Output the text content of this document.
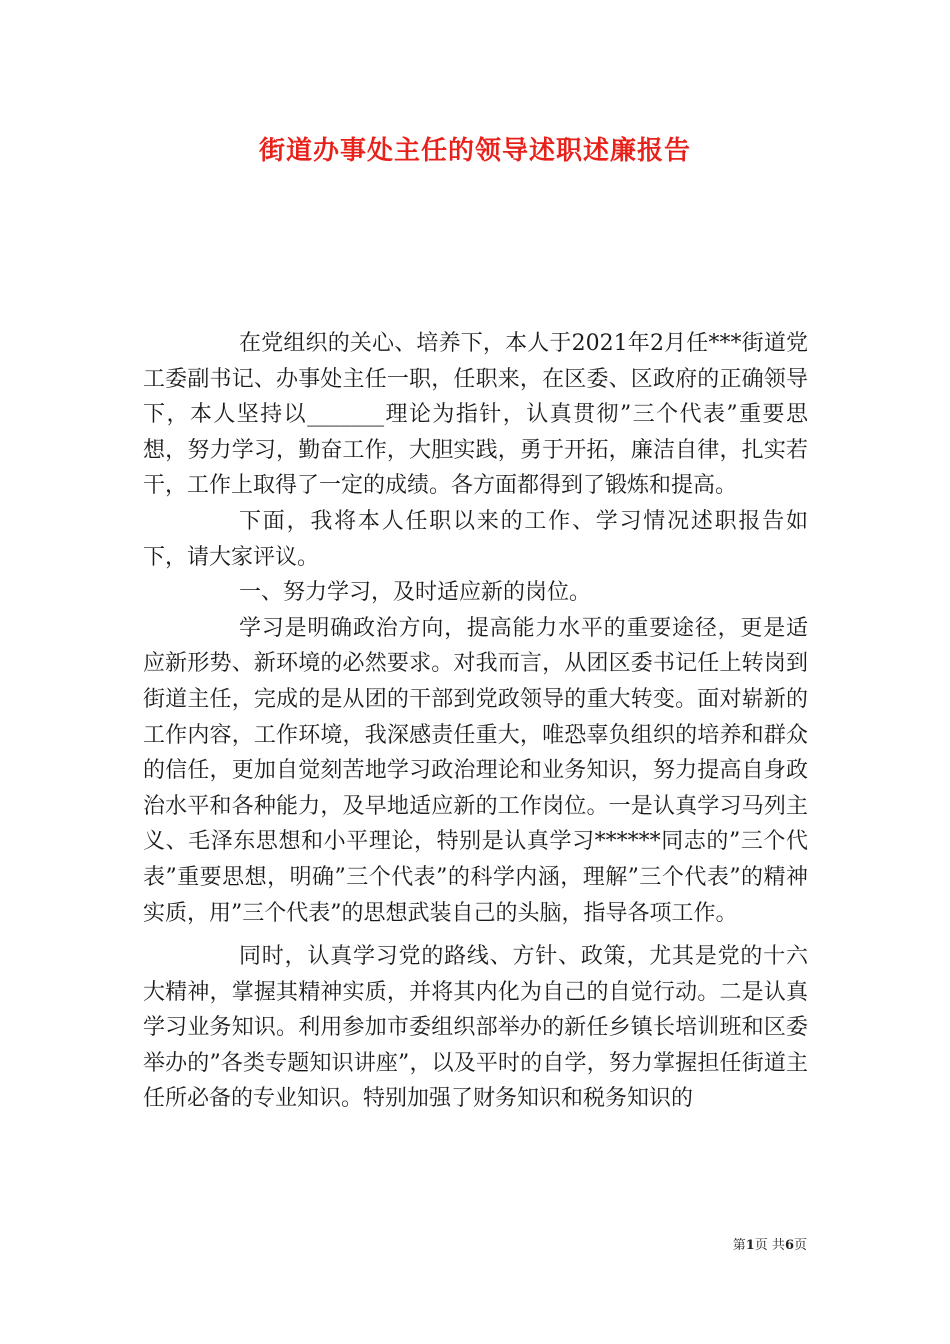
街道办事处主任的领导述职述廉报告

在党组织的关心、培养下，本人于2021年2月任***街道党工委副书记、办事处主任一职，任职来，在区委、区政府的正确领导下，本人坚持以_______理论为指针，认真贯彻”三个代表”重要思想，努力学习，勤奋工作，大胆实践，勇于开拓，廉洁自律，扎实若干，工作上取得了一定的成绩。各方面都得到了锻炼和提高。

下面，我将本人任职以来的工作、学习情况述职报告如下，请大家评议。

一、努力学习，及时适应新的岗位。

学习是明确政治方向，提高能力水平的重要途径，更是适应新形势、新环境的必然要求。对我而言，从团区委书记任上转岗到街道主任，完成的是从团的干部到党政领导的重大转变。面对崭新的工作内容，工作环境，我深感责任重大，唯恐辜负组织的培养和群众的信任，更加自觉刻苦地学习政治理论和业务知识，努力提高自身政治水平和各种能力，及早地适应新的工作岗位。一是认真学习马列主义、毛泽东思想和小平理论，特别是认真学习******同志的”三个代表”重要思想，明确”三个代表”的科学内涵，理解”三个代表”的精神实质，用”三个代表”的思想武装自己的头脑，指导各项工作。

同时，认真学习党的路线、方针、政策，尤其是党的十六大精神，掌握其精神实质，并将其内化为自己的自觉行动。二是认真学习业务知识。利用参加市委组织部举办的新任乡镇长培训班和区委举办的”各类专题知识讲座”，以及平时的自学，努力掌握担任街道主任所必备的专业知识。特别加强了财务知识和税务知识的

第1页 共6页
